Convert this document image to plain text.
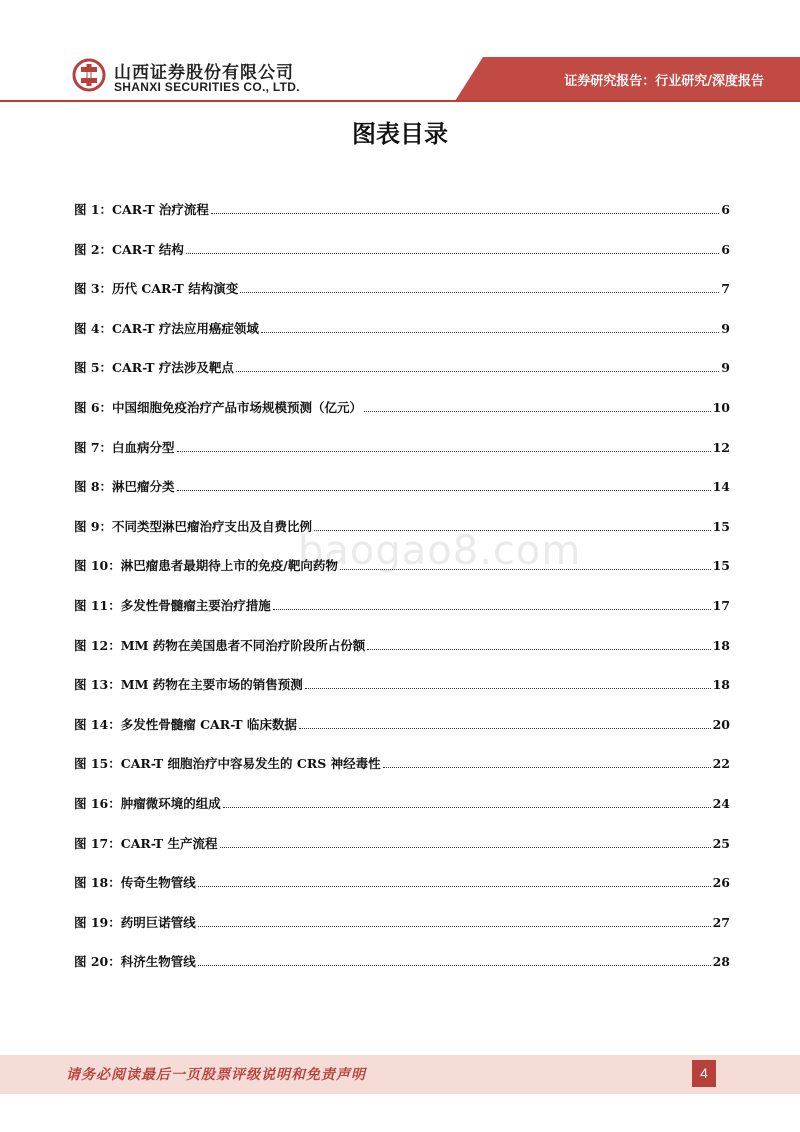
山西证券股份有限公司
SHANXI SECURITIES CO., LTD.	证券研究报告：行业研究/深度报告
图表目录
baogao8.com
图 1：CAR-T 治疗流程	6
图 2：CAR-T 结构	6
图 3：历代 CAR-T 结构演变	7
图 4：CAR-T 疗法应用癌症领域	9
图 5：CAR-T 疗法涉及靶点	9
图 6：中国细胞免疫治疗产品市场规模预测（亿元）	10
图 7：白血病分型	12
图 8：淋巴瘤分类	14
图 9：不同类型淋巴瘤治疗支出及自费比例	15
图 10：淋巴瘤患者最期待上市的免疫/靶向药物	15
图 11：多发性骨髓瘤主要治疗措施	17
图 12：MM 药物在美国患者不同治疗阶段所占份额	18
图 13：MM 药物在主要市场的销售预测	18
图 14：多发性骨髓瘤 CAR-T 临床数据	20
图 15：CAR-T 细胞治疗中容易发生的 CRS 神经毒性	22
图 16：肿瘤微环境的组成	24
图 17：CAR-T 生产流程	25
图 18：传奇生物管线	26
图 19：药明巨诺管线	27
图 20：科济生物管线	28
请务必阅读最后一页股票评级说明和免责声明	4
